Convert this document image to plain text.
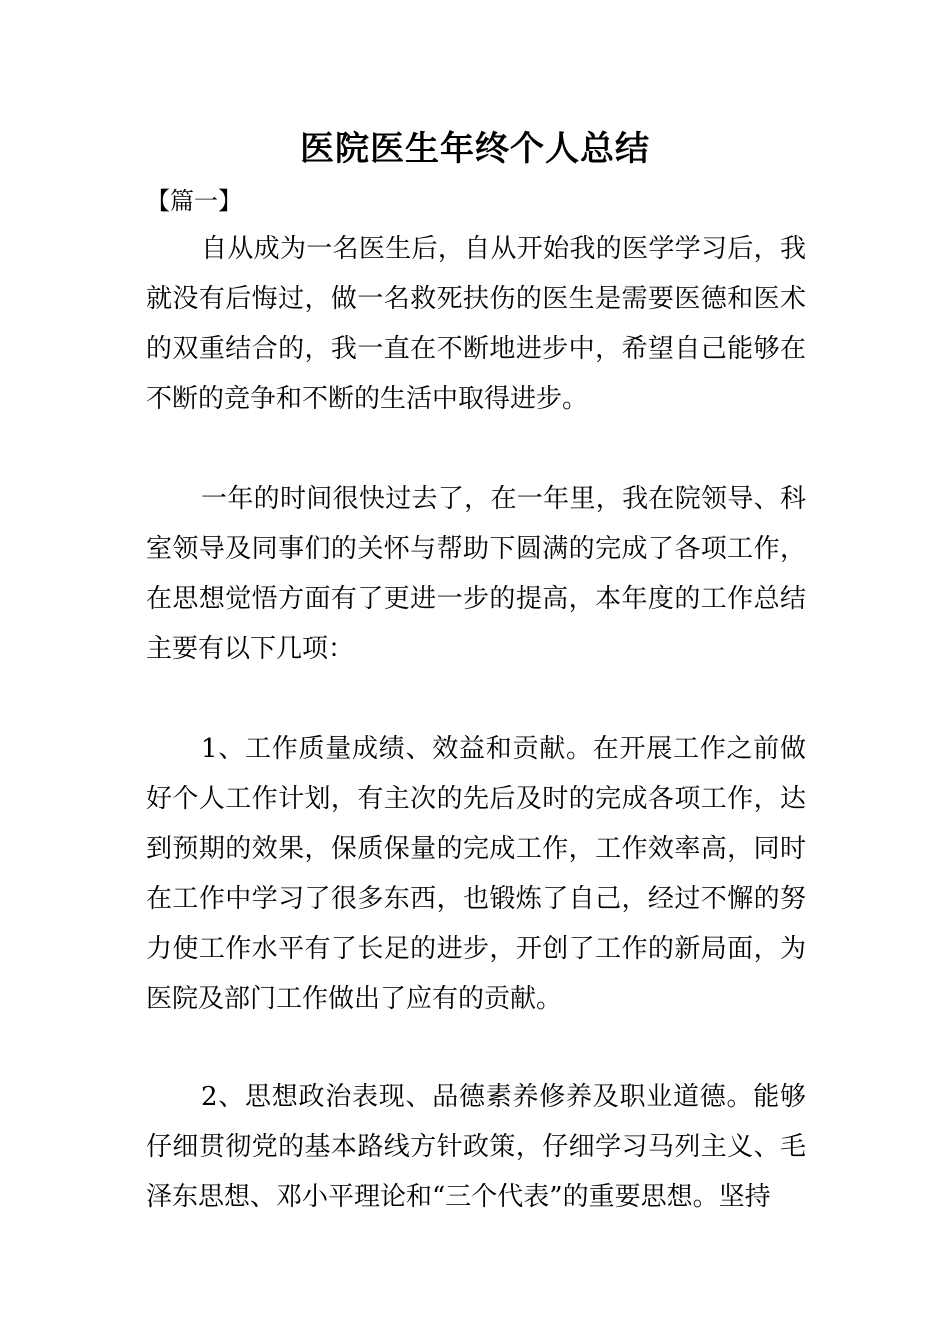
医院医生年终个人总结
【篇一】

自从成为一名医生后，自从开始我的医学学习后，我就没有后悔过，做一名救死扶伤的医生是需要医德和医术的双重结合的，我一直在不断地进步中，希望自己能够在不断的竞争和不断的生活中取得进步。

一年的时间很快过去了，在一年里，我在院领导、科室领导及同事们的关怀与帮助下圆满的完成了各项工作，在思想觉悟方面有了更进一步的提高，本年度的工作总结主要有以下几项：

1、工作质量成绩、效益和贡献。在开展工作之前做好个人工作计划，有主次的先后及时的完成各项工作，达到预期的效果，保质保量的完成工作，工作效率高，同时在工作中学习了很多东西，也锻炼了自己，经过不懈的努力使工作水平有了长足的进步，开创了工作的新局面，为医院及部门工作做出了应有的贡献。

2、思想政治表现、品德素养修养及职业道德。能够仔细贯彻党的基本路线方针政策，仔细学习马列主义、毛泽东思想、邓小平理论和“三个代表”的重要思想。坚持
